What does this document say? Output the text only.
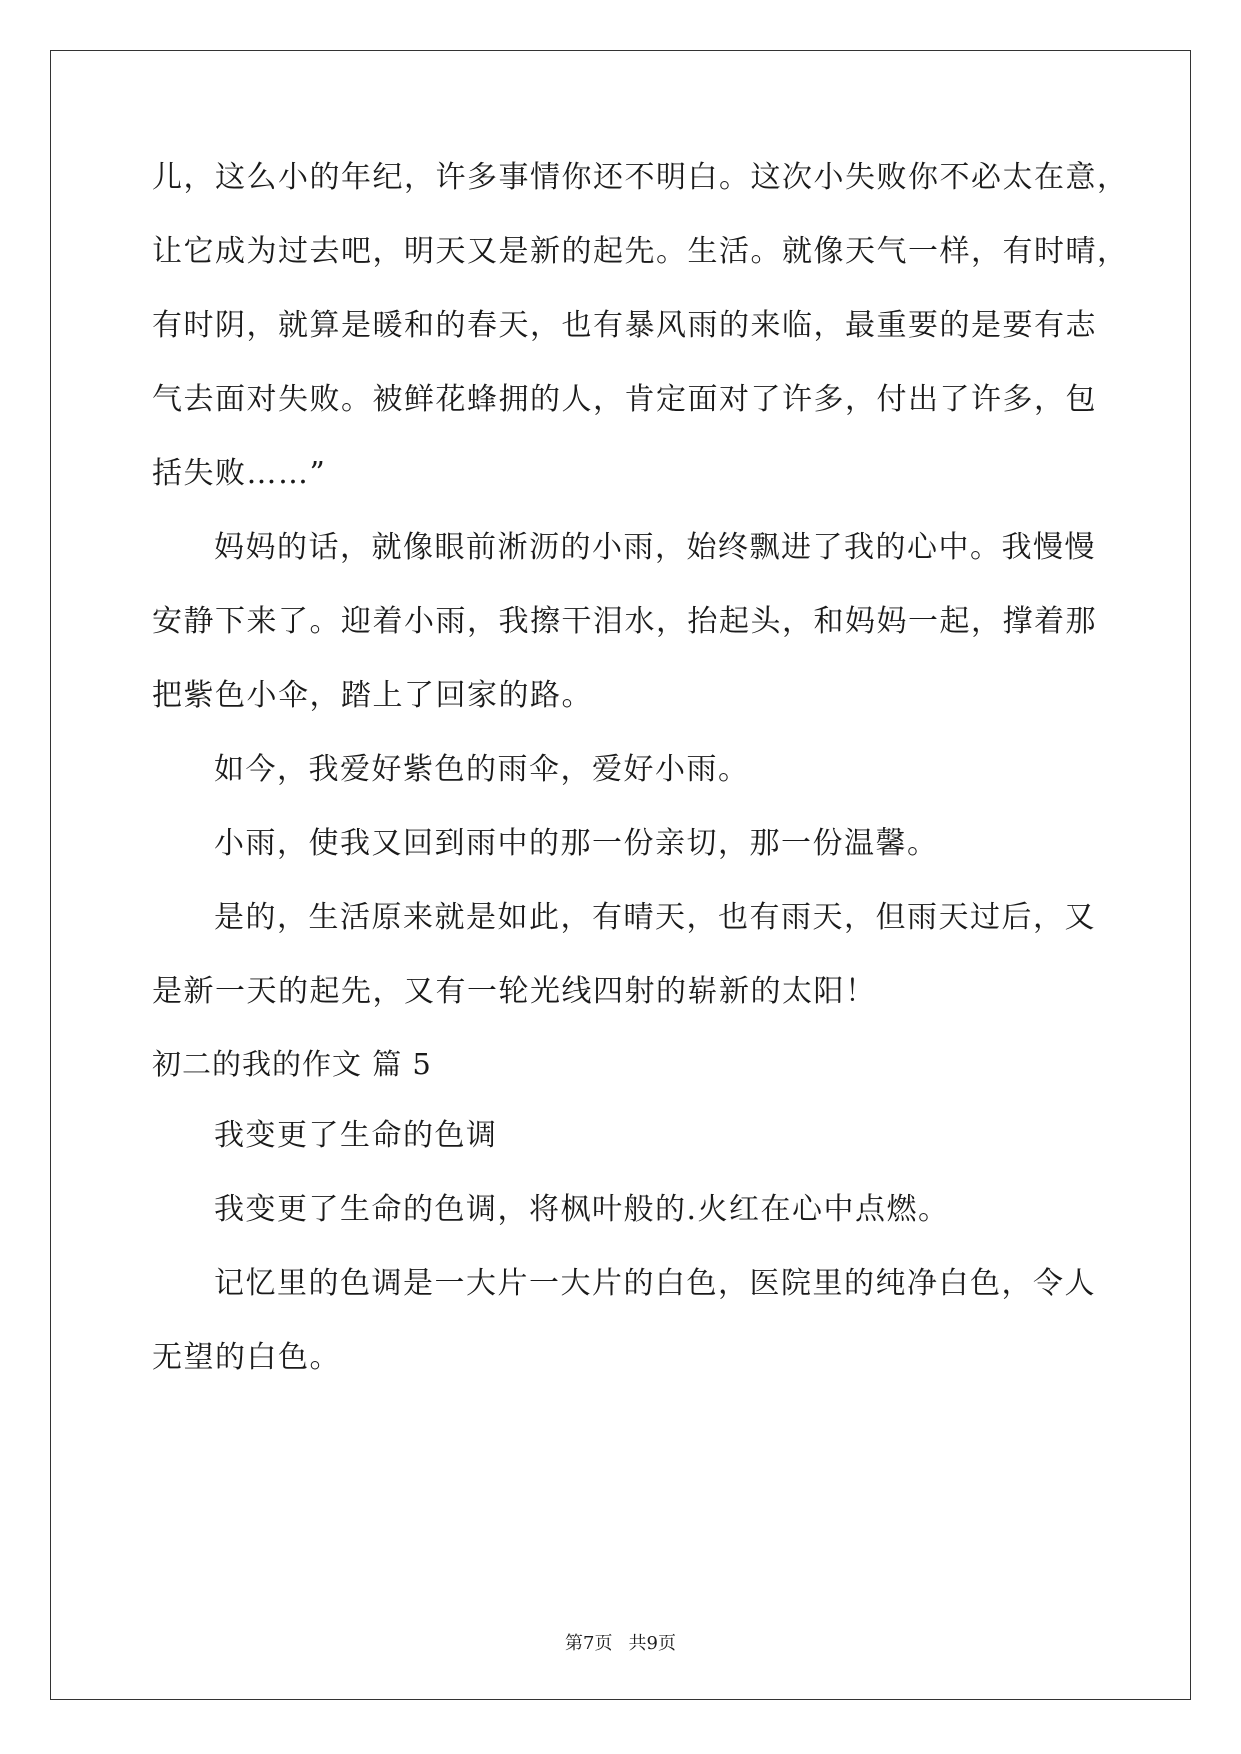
儿，这么小的年纪，许多事情你还不明白。这次小失败你不必太在意，
让它成为过去吧，明天又是新的起先。生活。就像天气一样，有时晴，
有时阴，就算是暖和的春天，也有暴风雨的来临，最重要的是要有志
气去面对失败。被鲜花蜂拥的人，肯定面对了许多，付出了许多，包
括失败……”
妈妈的话，就像眼前淅沥的小雨，始终飘进了我的心中。我慢慢
安静下来了。迎着小雨，我擦干泪水，抬起头，和妈妈一起，撑着那
把紫色小伞，踏上了回家的路。
如今，我爱好紫色的雨伞，爱好小雨。
小雨，使我又回到雨中的那一份亲切，那一份温馨。
是的，生活原来就是如此，有晴天，也有雨天，但雨天过后，又
是新一天的起先，又有一轮光线四射的崭新的太阳！
初二的我的作文 篇 5
我变更了生命的色调
我变更了生命的色调，将枫叶般的.火红在心中点燃。
记忆里的色调是一大片一大片的白色，医院里的纯净白色，令人
无望的白色。
第7页 共9页
